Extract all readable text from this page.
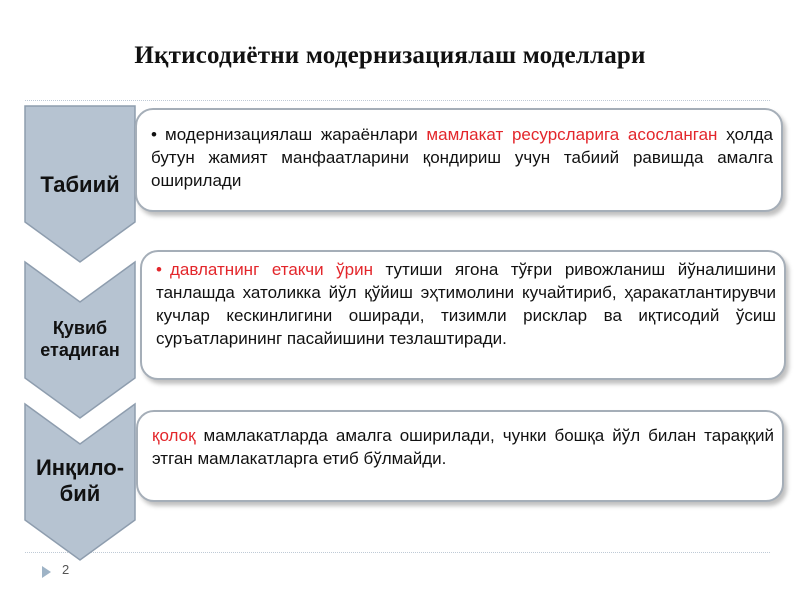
Иқтисодиётни модернизациялаш моделлари
Табиий
Қувиб етадиган
Инқило-бий

• модернизациялаш жараёнлари мамлакат ресурсларига асосланган ҳолда бутун жамият манфаатларини қондириш учун табиий равишда амалга оширилади

• давлатнинг етакчи ўрин тутиши ягона тўғри ривожланиш йўналишини танлашда хатоликка йўл қўйиш эҳтимолини кучайтириб, ҳаракатлантирувчи кучлар кескинлигини оширади, тизимли рисклар ва иқтисодий ўсиш суръатларининг пасайишини тезлаштиради.

қолоқ мамлакатларда амалга оширилади, чунки бошқа йўл билан тараққий этган мамлакатларга етиб бўлмайди.

2
